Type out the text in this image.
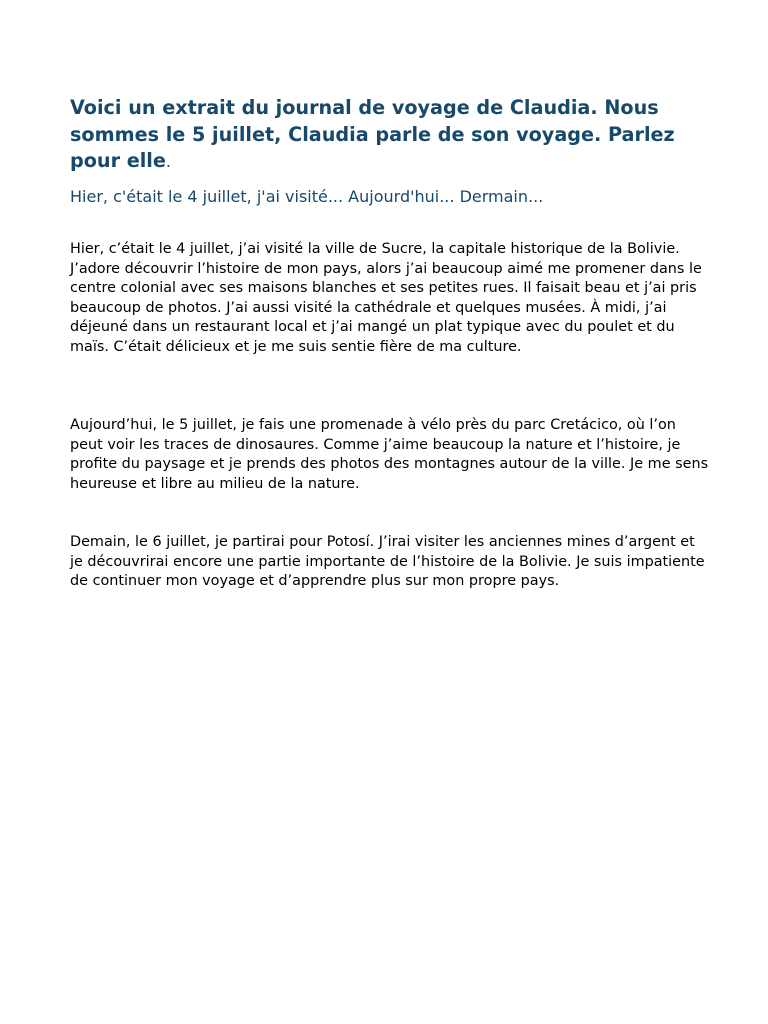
Voici un extrait du journal de voyage de Claudia. Nous sommes le 5 juillet, Claudia parle de son voyage. Parlez pour elle.

Hier, c'était le 4 juillet, j'ai visité... Aujourd'hui... Dermain...

Hier, c’était le 4 juillet, j’ai visité la ville de Sucre, la capitale historique de la Bolivie. J’adore découvrir l’histoire de mon pays, alors j’ai beaucoup aimé me promener dans le centre colonial avec ses maisons blanches et ses petites rues. Il faisait beau et j’ai pris beaucoup de photos. J’ai aussi visité la cathédrale et quelques musées. À midi, j’ai déjeuné dans un restaurant local et j’ai mangé un plat typique avec du poulet et du maïs. C’était délicieux et je me suis sentie fière de ma culture.

Aujourd’hui, le 5 juillet, je fais une promenade à vélo près du parc Cretácico, où l’on peut voir les traces de dinosaures. Comme j’aime beaucoup la nature et l’histoire, je profite du paysage et je prends des photos des montagnes autour de la ville. Je me sens heureuse et libre au milieu de la nature.

Demain, le 6 juillet, je partirai pour Potosí. J’irai visiter les anciennes mines d’argent et je découvrirai encore une partie importante de l’histoire de la Bolivie. Je suis impatiente de continuer mon voyage et d’apprendre plus sur mon propre pays.
